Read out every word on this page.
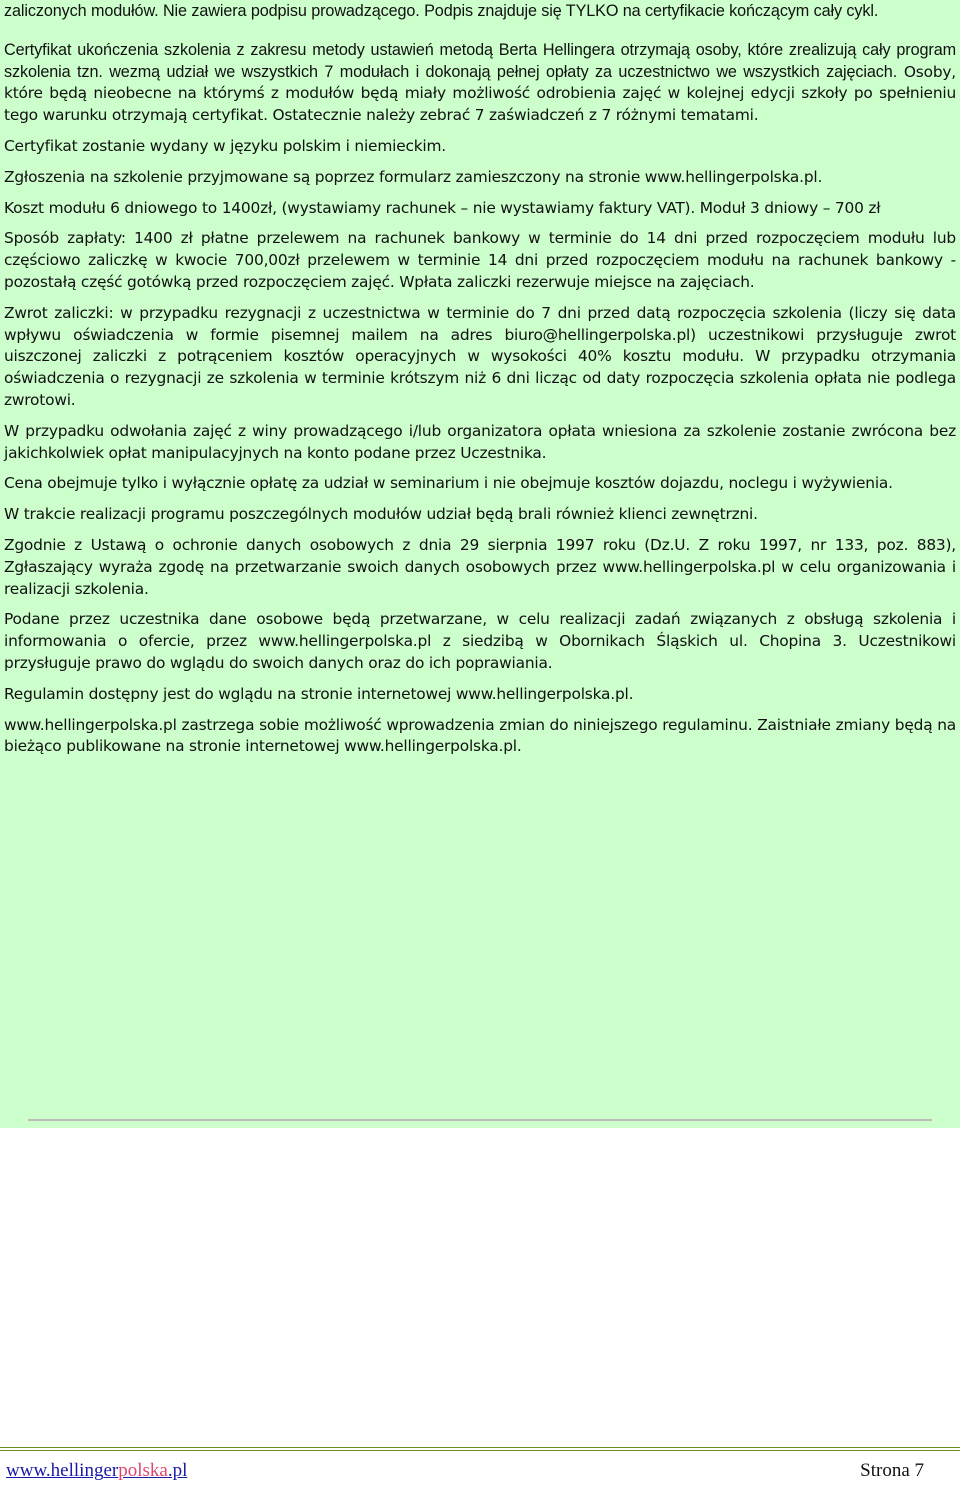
zaliczonych modułów. Nie zawiera podpisu prowadzącego. Podpis znajduje się TYLKO na certyfikacie kończącym cały cykl.

Certyfikat ukończenia szkolenia z zakresu metody ustawień metodą Berta Hellingera otrzymają osoby, które zrealizują cały program szkolenia tzn. wezmą udział we wszystkich 7 modułach i dokonają pełnej opłaty za uczestnictwo we wszystkich zajęciach. Osoby, które będą nieobecne na którymś z modułów będą miały możliwość odrobienia zajęć w kolejnej edycji szkoły po spełnieniu tego warunku otrzymają certyfikat. Ostatecznie należy zebrać 7 zaświadczeń z 7 różnymi tematami.

Certyfikat zostanie wydany w języku polskim i niemieckim.

Zgłoszenia na szkolenie przyjmowane są poprzez formularz zamieszczony na stronie www.hellingerpolska.pl.

Koszt modułu 6 dniowego to 1400zł, (wystawiamy rachunek – nie wystawiamy faktury VAT). Moduł 3 dniowy – 700 zł

Sposób zapłaty: 1400 zł płatne przelewem na rachunek bankowy w terminie do 14 dni przed rozpoczęciem modułu lub częściowo zaliczkę w kwocie 700,00zł przelewem w terminie 14 dni przed rozpoczęciem modułu na rachunek bankowy - pozostałą część gotówką przed rozpoczęciem zajęć. Wpłata zaliczki rezerwuje miejsce na zajęciach.

Zwrot zaliczki: w przypadku rezygnacji z uczestnictwa w terminie do 7 dni przed datą rozpoczęcia szkolenia (liczy się data wpływu oświadczenia w formie pisemnej mailem na adres biuro@hellingerpolska.pl) uczestnikowi przysługuje zwrot uiszczonej zaliczki z potrąceniem kosztów operacyjnych w wysokości 40% kosztu modułu. W przypadku otrzymania oświadczenia o rezygnacji ze szkolenia w terminie krótszym niż 6 dni licząc od daty rozpoczęcia szkolenia opłata nie podlega zwrotowi.

W przypadku odwołania zajęć z winy prowadzącego i/lub organizatora opłata wniesiona za szkolenie zostanie zwrócona bez jakichkolwiek opłat manipulacyjnych na konto podane przez Uczestnika.

Cena obejmuje tylko i wyłącznie opłatę za udział w seminarium i nie obejmuje kosztów dojazdu, noclegu i wyżywienia.

W trakcie realizacji programu poszczególnych modułów udział będą brali również klienci zewnętrzni.

Zgodnie z Ustawą o ochronie danych osobowych z dnia 29 sierpnia 1997 roku (Dz.U. Z roku 1997, nr 133, poz. 883), Zgłaszający wyraża zgodę na przetwarzanie swoich danych osobowych przez www.hellingerpolska.pl w celu organizowania i realizacji szkolenia.

Podane przez uczestnika dane osobowe będą przetwarzane, w celu realizacji zadań związanych z obsługą szkolenia i informowania o ofercie, przez www.hellingerpolska.pl z siedzibą w Obornikach Śląskich ul. Chopina 3. Uczestnikowi przysługuje prawo do wglądu do swoich danych oraz do ich poprawiania.

Regulamin dostępny jest do wglądu na stronie internetowej www.hellingerpolska.pl.

www.hellingerpolska.pl zastrzega sobie możliwość wprowadzenia zmian do niniejszego regulaminu. Zaistniałe zmiany będą na bieżąco publikowane na stronie internetowej www.hellingerpolska.pl.

www.hellingerpolska.pl	Strona 7
